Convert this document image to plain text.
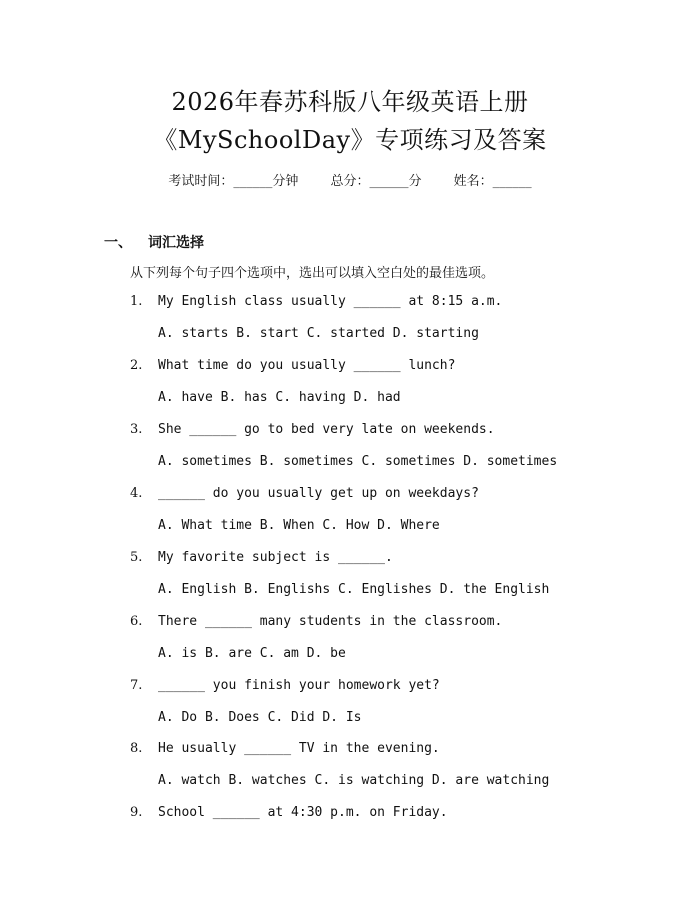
2026年春苏科版八年级英语上册
《MySchoolDay》专项练习及答案
考试时间：______分钟 总分：______分 姓名：______
一、 词汇选择
从下列每个句子四个选项中，选出可以填入空白处的最佳选项。
1. My English class usually ______ at 8:15 a.m.
A. starts B. start C. started D. starting
2. What time do you usually ______ lunch?
A. have B. has C. having D. had
3. She ______ go to bed very late on weekends.
A. sometimes B. sometimes C. sometimes D. sometimes
4. ______ do you usually get up on weekdays?
A. What time B. When C. How D. Where
5. My favorite subject is ______.
A. English B. Englishs C. Englishes D. the English
6. There ______ many students in the classroom.
A. is B. are C. am D. be
7. ______ you finish your homework yet?
A. Do B. Does C. Did D. Is
8. He usually ______ TV in the evening.
A. watch B. watches C. is watching D. are watching
9. School ______ at 4:30 p.m. on Friday.
